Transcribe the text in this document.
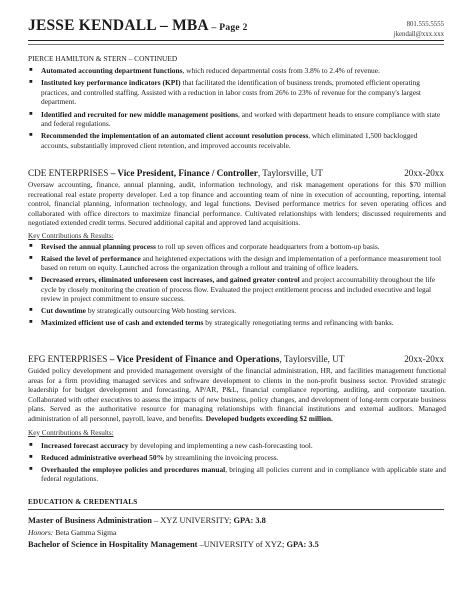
JESSE KENDALL – MBA – Page 2	801.555.5555
jkendall@xxx.xxx
PIERCE HAMILTON & STERN – CONTINUED
■ Automated accounting department functions, which reduced departmental costs from 3.8% to 2.4% of revenue.
■ Instituted key performance indicators (KPI) that facilitated the identification of business trends, promoted efficient operating practices, and controlled staffing. Assisted with a reduction in labor costs from 26% to 23% of revenue for the company's largest department.
■ Identified and recruited for new middle management positions, and worked with department heads to ensure compliance with state and federal regulations.
■ Recommended the implementation of an automated client account resolution process, which eliminated 1,500 backlogged accounts, substantially improved client retention, and improved accounts receivable.
CDE ENTERPRISES – Vice President, Finance / Controller, Taylorsville, UT	20xx-20xx
Oversaw accounting, finance, annual planning, audit, information technology, and risk management operations for this $70 million recreational real estate property developer. Led a top finance and accounting team of nine in execution of accounting, reporting, internal control, financial planning, information technology, and legal functions. Devised performance metrics for seven operating offices and collaborated with office directors to maximize financial performance. Cultivated relationships with lenders; discussed requirements and negotiated extended credit terms. Secured additional capital and approved land acquisitions.
Key Contributions & Results:
■ Revised the annual planning process to roll up seven offices and corporate headquarters from a bottom-up basis.
■ Raised the level of performance and heightened expectations with the design and implementation of a performance measurement tool based on return on equity. Launched across the organization through a rollout and training of office leaders.
■ Decreased errors, eliminated unforeseen cost increases, and gained greater control and project accountability throughout the life cycle by closely monitoring the creation of process flow. Evaluated the project entitlement process and included executive and legal review in project commitment to ensure success.
■ Cut downtime by strategically outsourcing Web hosting services.
■ Maximized efficient use of cash and extended terms by strategically renegotiating terms and refinancing with banks.
EFG ENTERPRISES – Vice President of Finance and Operations, Taylorsville, UT	20xx-20xx
Guided policy development and provided management oversight of the financial administration, HR, and facilities management functional areas for a firm providing managed services and software development to clients in the non-profit business sector. Provided strategic leadership for budget development and forecasting, AP/AR, P&L, financial compliance reporting, auditing, and corporate taxation. Collaborated with other executives to assess the impacts of new business, policy changes, and development of long-term corporate business plans. Served as the authoritative resource for managing relationships with financial institutions and external auditors. Managed administration of all personnel, payroll, leave, and benefits. Developed budgets exceeding $2 million.
Key Contributions & Results:
■ Increased forecast accuracy by developing and implementing a new cash-forecasting tool.
■ Reduced administrative overhead 50% by streamlining the invoicing process.
■ Overhauled the employee policies and procedures manual, bringing all policies current and in compliance with applicable state and federal regulations.
EDUCATION & CREDENTIALS
Master of Business Administration – XYZ UNIVERSITY; GPA: 3.8
Honors: Beta Gamma Sigma
Bachelor of Science in Hospitality Management –UNIVERSITY of XYZ; GPA: 3.5
